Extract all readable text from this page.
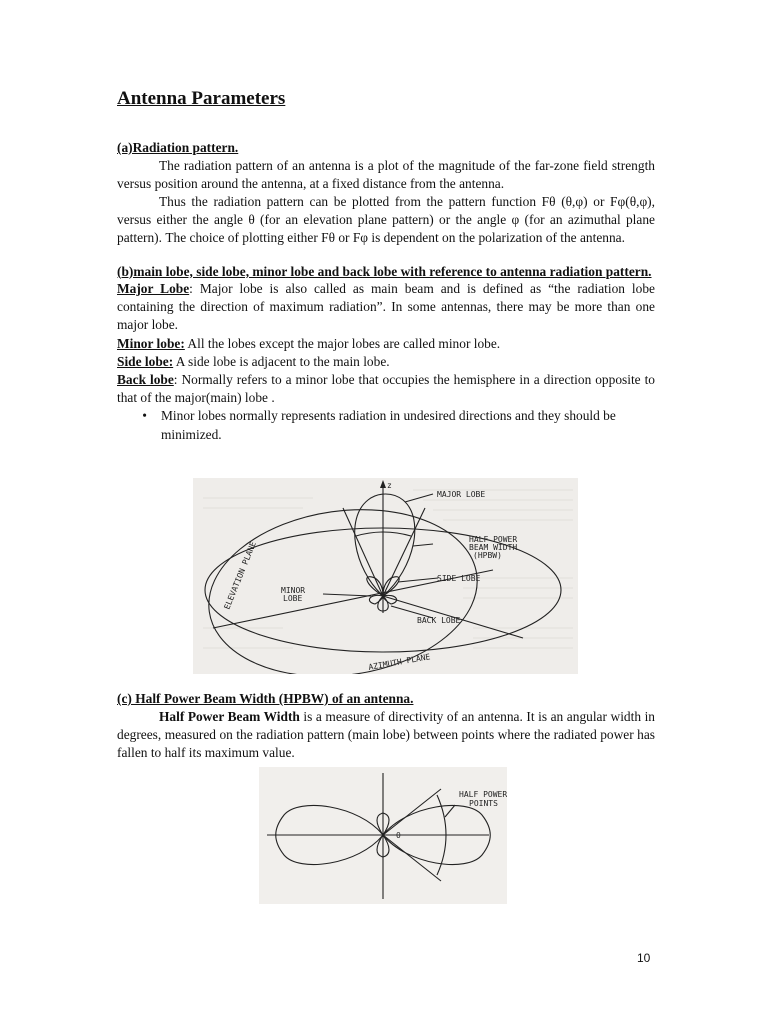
Antenna Parameters

(a)Radiation pattern.

The radiation pattern of an antenna is a plot of the magnitude of the far-zone field strength versus position around the antenna, at a fixed distance from the antenna.

Thus the radiation pattern can be plotted from the pattern function Fθ (θ,φ) or Fφ(θ,φ), versus either the angle θ (for an elevation plane pattern) or the angle φ (for an azimuthal plane pattern). The choice of plotting either Fθ or Fφ is dependent on the polarization of the antenna.

(b)main lobe, side lobe, minor lobe and back lobe with reference to antenna radiation pattern.

Major Lobe: Major lobe is also called as main beam and is defined as “the radiation lobe containing the direction of maximum radiation”. In some antennas, there may be more than one major lobe.

Minor lobe: All the lobes except the major lobes are called minor lobe.

Side lobe: A side lobe is adjacent to the main lobe.

Back lobe: Normally refers to a minor lobe that occupies the hemisphere in a direction opposite to that of the major(main) lobe .

•	Minor lobes normally represents radiation in undesired directions and they should be minimized.
z
MAJOR LOBE
HALF POWER
BEAM WIDTH
(HPBW)
SIDE LOBE
MINOR
LOBE
BACK LOBE
ELEVATION PLANE
AZIMUTH PLANE

(c) Half Power Beam Width (HPBW) of an antenna.

Half Power Beam Width is a measure of directivity of an antenna. It is an angular width in degrees, measured on the radiation pattern (main lobe) between points where the radiated power has fallen to half its maximum value.

HALF POWER
POINTS
θ
10
